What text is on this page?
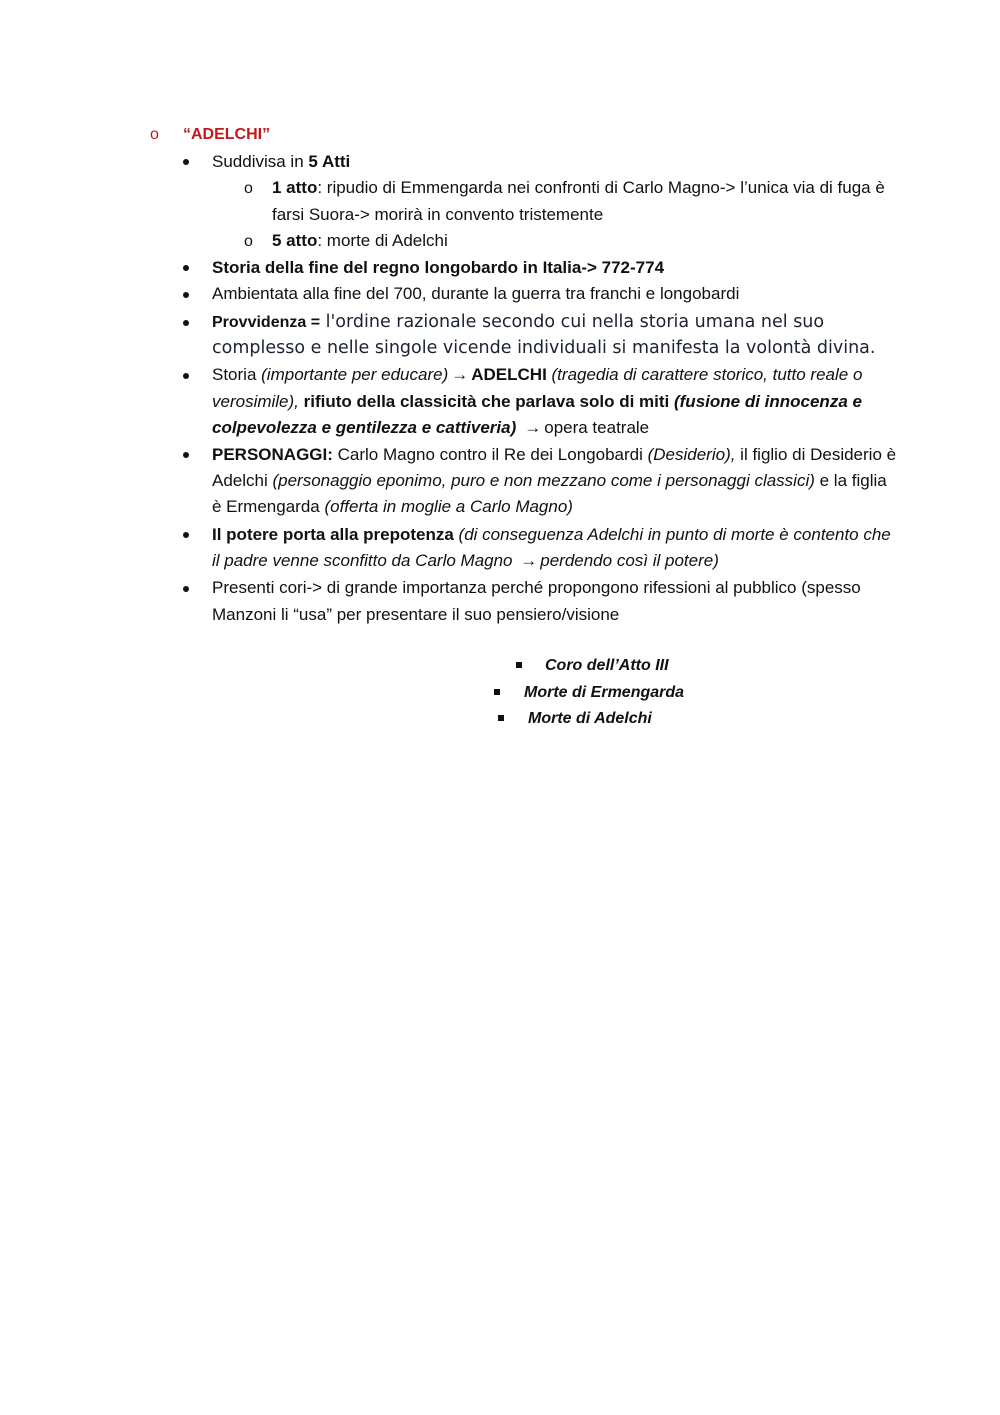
o “ADELCHI”
Suddivisa in 5 Atti
o 1 atto: ripudio di Emmengarda nei confronti di Carlo Magno-> l’unica via di fuga è
farsi Suora-> morirà in convento tristemente
o 5 atto: morte di Adelchi
Storia della fine del regno longobardo in Italia-> 772-774
Ambientata alla fine del 700, durante la guerra tra franchi e longobardi
Provvidenza = l'ordine razionale secondo cui nella storia umana nel suo
complesso e nelle singole vicende individuali si manifesta la volontà divina.
Storia (importante per educare) → ADELCHI (tragedia di carattere storico, tutto reale o
verosimile), rifiuto della classicità che parlava solo di miti (fusione di innocenza e
colpevolezza e gentilezza e cattiveria) → opera teatrale
PERSONAGGI: Carlo Magno contro il Re dei Longobardi (Desiderio), il figlio di Desiderio è
Adelchi (personaggio eponimo, puro e non mezzano come i personaggi classici) e la figlia
è Ermengarda (offerta in moglie a Carlo Magno)
Il potere porta alla prepotenza (di conseguenza Adelchi in punto di morte è contento che
il padre venne sconfitto da Carlo Magno → perdendo così il potere)
Presenti cori-> di grande importanza perché propongono rifessioni al pubblico (spesso
Manzoni li “usa” per presentare il suo pensiero/visione
Coro dell’Atto III
Morte di Ermengarda
Morte di Adelchi
